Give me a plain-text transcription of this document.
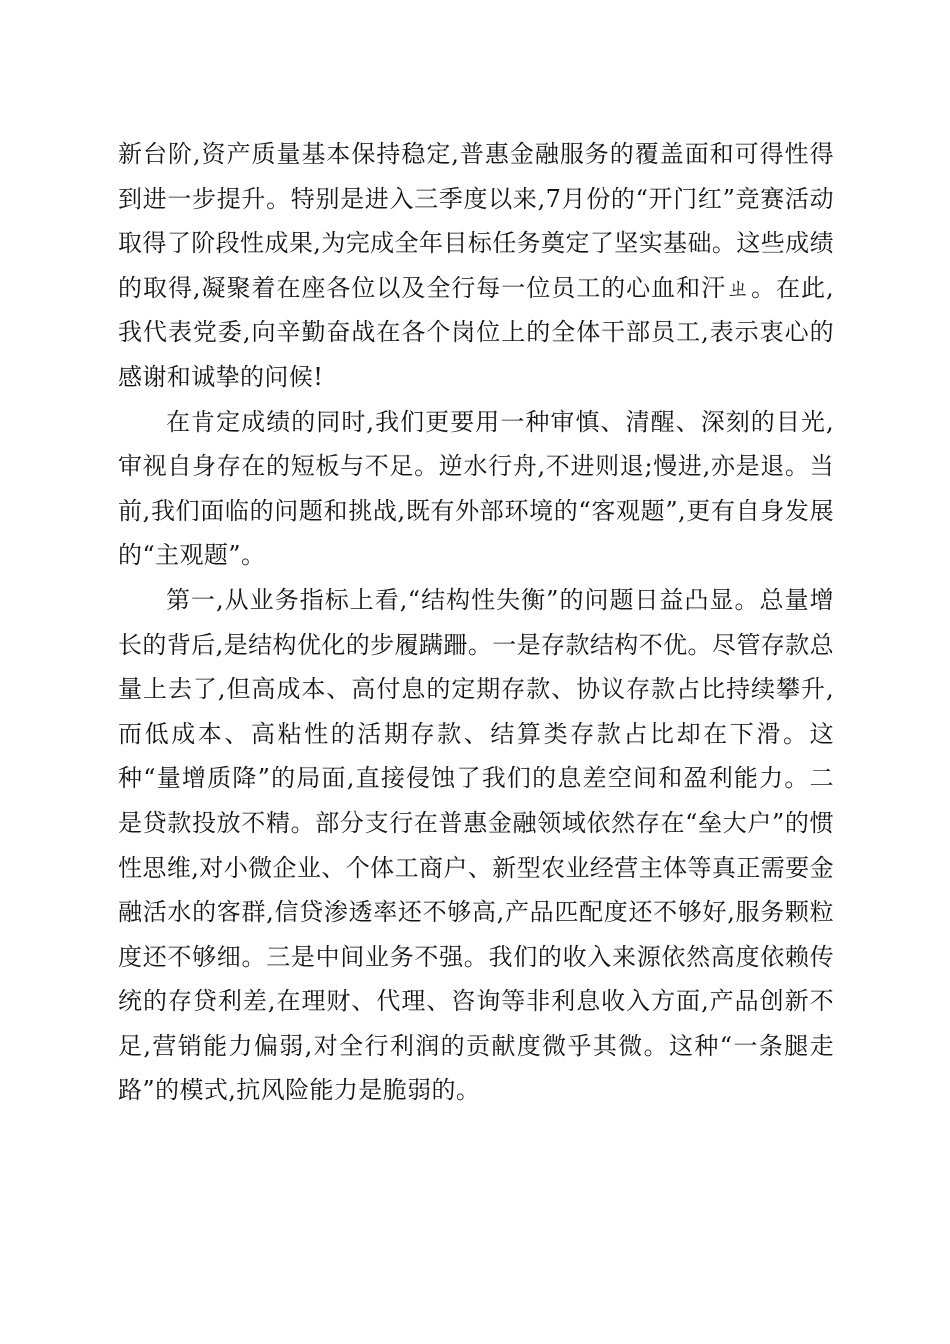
新台阶,资产质量基本保持稳定,普惠金融服务的覆盖面和可得性得到进一步提升。特别是进入三季度以来,7月份的“开门红”竞赛活动取得了阶段性成果,为完成全年目标任务奠定了坚实基础。这些成绩的取得,凝聚着在座各位以及全行每一位员工的心血和汗ㄓ。在此,我代表党委,向辛勤奋战在各个岗位上的全体干部员工,表示衷心的感谢和诚挚的问候!

在肯定成绩的同时,我们更要用一种审慎、清醒、深刻的目光,审视自身存在的短板与不足。逆水行舟,不进则退;慢进,亦是退。当前,我们面临的问题和挑战,既有外部环境的“客观题”,更有自身发展的“主观题”。

第一,从业务指标上看,“结构性失衡”的问题日益凸显。总量增长的背后,是结构优化的步履蹒跚。一是存款结构不优。尽管存款总量上去了,但高成本、高付息的定期存款、协议存款占比持续攀升,而低成本、高粘性的活期存款、结算类存款占比却在下滑。这种“量增质降”的局面,直接侵蚀了我们的息差空间和盈利能力。二是贷款投放不精。部分支行在普惠金融领域依然存在“垒大户”的惯性思维,对小微企业、个体工商户、新型农业经营主体等真正需要金融活水的客群,信贷渗透率还不够高,产品匹配度还不够好,服务颗粒度还不够细。三是中间业务不强。我们的收入来源依然高度依赖传统的存贷利差,在理财、代理、咨询等非利息收入方面,产品创新不足,营销能力偏弱,对全行利润的贡献度微乎其微。这种“一条腿走路”的模式,抗风险能力是脆弱的。
